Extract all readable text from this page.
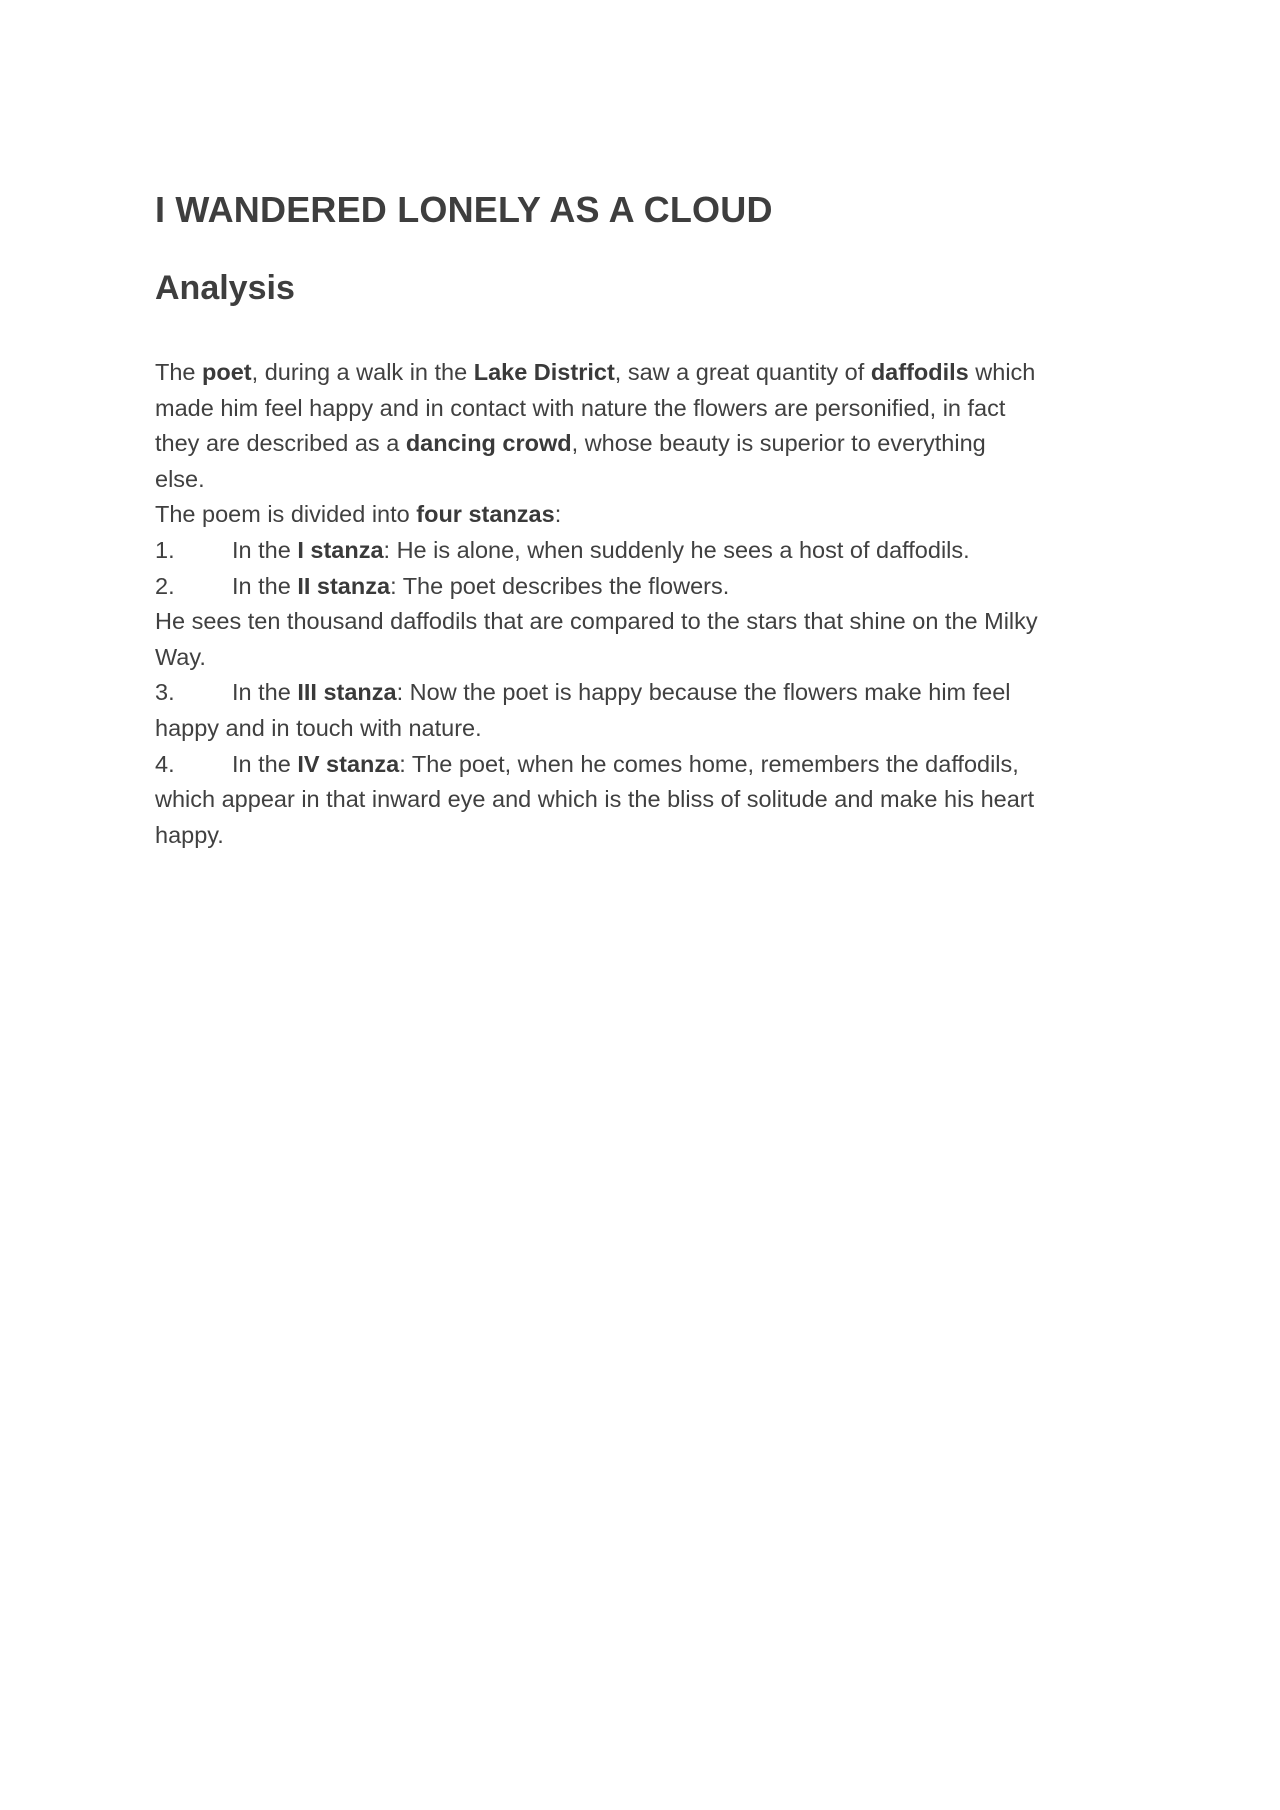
I WANDERED LONELY AS A CLOUD
Analysis
The poet, during a walk in the Lake District, saw a great quantity of daffodils which
made him feel happy and in contact with nature the flowers are personified, in fact
they are described as a dancing crowd, whose beauty is superior to everything
else.
The poem is divided into four stanzas:
1. In the I stanza: He is alone, when suddenly he sees a host of daffodils.
2. In the II stanza: The poet describes the flowers.
He sees ten thousand daffodils that are compared to the stars that shine on the Milky
Way.
3. In the III stanza: Now the poet is happy because the flowers make him feel
happy and in touch with nature.
4. In the IV stanza: The poet, when he comes home, remembers the daffodils,
which appear in that inward eye and which is the bliss of solitude and make his heart
happy.
